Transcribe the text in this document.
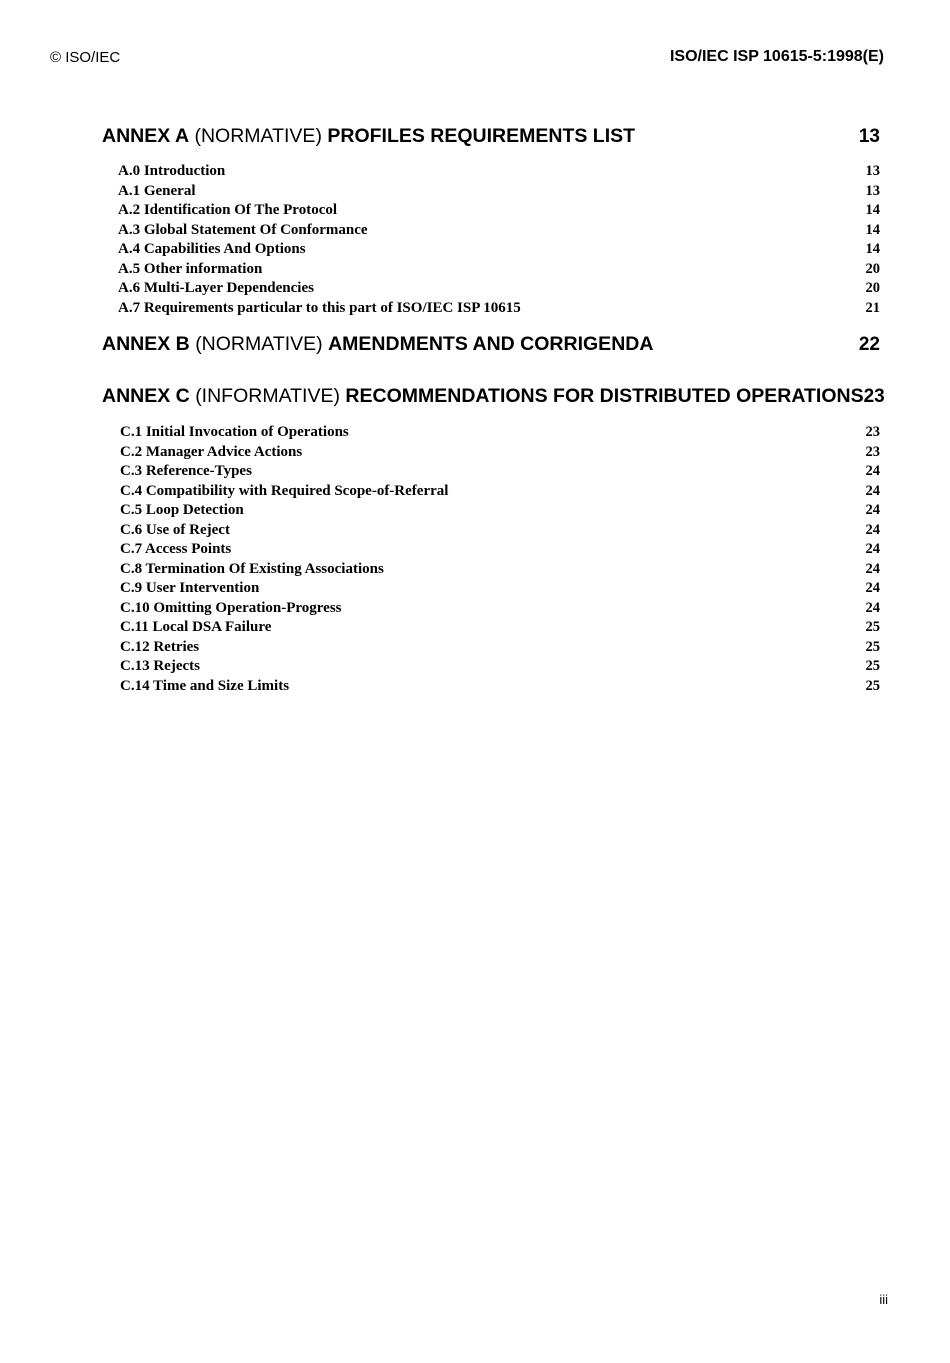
© ISO/IEC	ISO/IEC ISP 10615-5:1998(E)
ANNEX A (NORMATIVE) PROFILES REQUIREMENTS LIST	13
A.0 Introduction	13
A.1 General	13
A.2 Identification Of The Protocol	14
A.3 Global Statement Of Conformance	14
A.4 Capabilities And Options	14
A.5 Other information	20
A.6 Multi-Layer Dependencies	20
A.7 Requirements particular to this part of ISO/IEC ISP 10615	21
ANNEX B (NORMATIVE) AMENDMENTS AND CORRIGENDA	22
ANNEX C (INFORMATIVE) RECOMMENDATIONS FOR DISTRIBUTED OPERATIONS23
C.1 Initial Invocation of Operations	23
C.2 Manager Advice Actions	23
C.3 Reference-Types	24
C.4 Compatibility with Required Scope-of-Referral	24
C.5 Loop Detection	24
C.6 Use of Reject	24
C.7 Access Points	24
C.8 Termination Of Existing Associations	24
C.9 User Intervention	24
C.10 Omitting Operation-Progress	24
C.11 Local DSA Failure	25
C.12 Retries	25
C.13 Rejects	25
C.14 Time and Size Limits	25
iii
